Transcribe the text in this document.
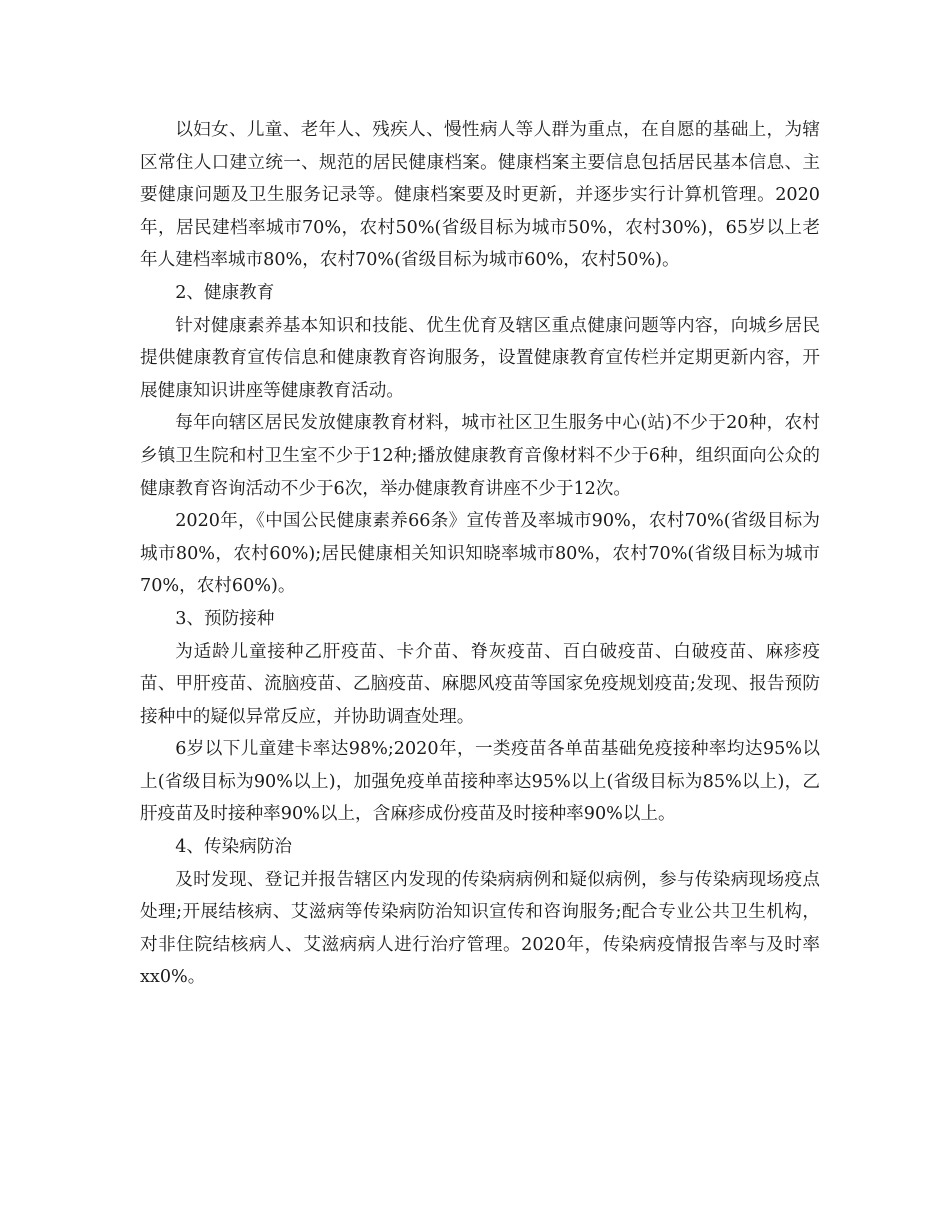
以妇女、儿童、老年人、残疾人、慢性病人等人群为重点，在自愿的基础上，为辖区常住人口建立统一、规范的居民健康档案。健康档案主要信息包括居民基本信息、主要健康问题及卫生服务记录等。健康档案要及时更新，并逐步实行计算机管理。2020年，居民建档率城市70%，农村50%(省级目标为城市50%，农村30%)，65岁以上老年人建档率城市80%，农村70%(省级目标为城市60%，农村50%)。

2、健康教育

针对健康素养基本知识和技能、优生优育及辖区重点健康问题等内容，向城乡居民提供健康教育宣传信息和健康教育咨询服务，设置健康教育宣传栏并定期更新内容，开展健康知识讲座等健康教育活动。

每年向辖区居民发放健康教育材料，城市社区卫生服务中心(站)不少于20种，农村乡镇卫生院和村卫生室不少于12种;播放健康教育音像材料不少于6种，组织面向公众的健康教育咨询活动不少于6次，举办健康教育讲座不少于12次。

2020年，《中国公民健康素养66条》宣传普及率城市90%，农村70%(省级目标为城市80%，农村60%);居民健康相关知识知晓率城市80%，农村70%(省级目标为城市70%，农村60%)。

3、预防接种

为适龄儿童接种乙肝疫苗、卡介苗、脊灰疫苗、百白破疫苗、白破疫苗、麻疹疫苗、甲肝疫苗、流脑疫苗、乙脑疫苗、麻腮风疫苗等国家免疫规划疫苗;发现、报告预防接种中的疑似异常反应，并协助调查处理。

6岁以下儿童建卡率达98%;2020年，一类疫苗各单苗基础免疫接种率均达95%以上(省级目标为90%以上)，加强免疫单苗接种率达95%以上(省级目标为85%以上)，乙肝疫苗及时接种率90%以上，含麻疹成份疫苗及时接种率90%以上。

4、传染病防治

及时发现、登记并报告辖区内发现的传染病病例和疑似病例，参与传染病现场疫点处理;开展结核病、艾滋病等传染病防治知识宣传和咨询服务;配合专业公共卫生机构，对非住院结核病人、艾滋病病人进行治疗管理。2020年，传染病疫情报告率与及时率xx0%。
